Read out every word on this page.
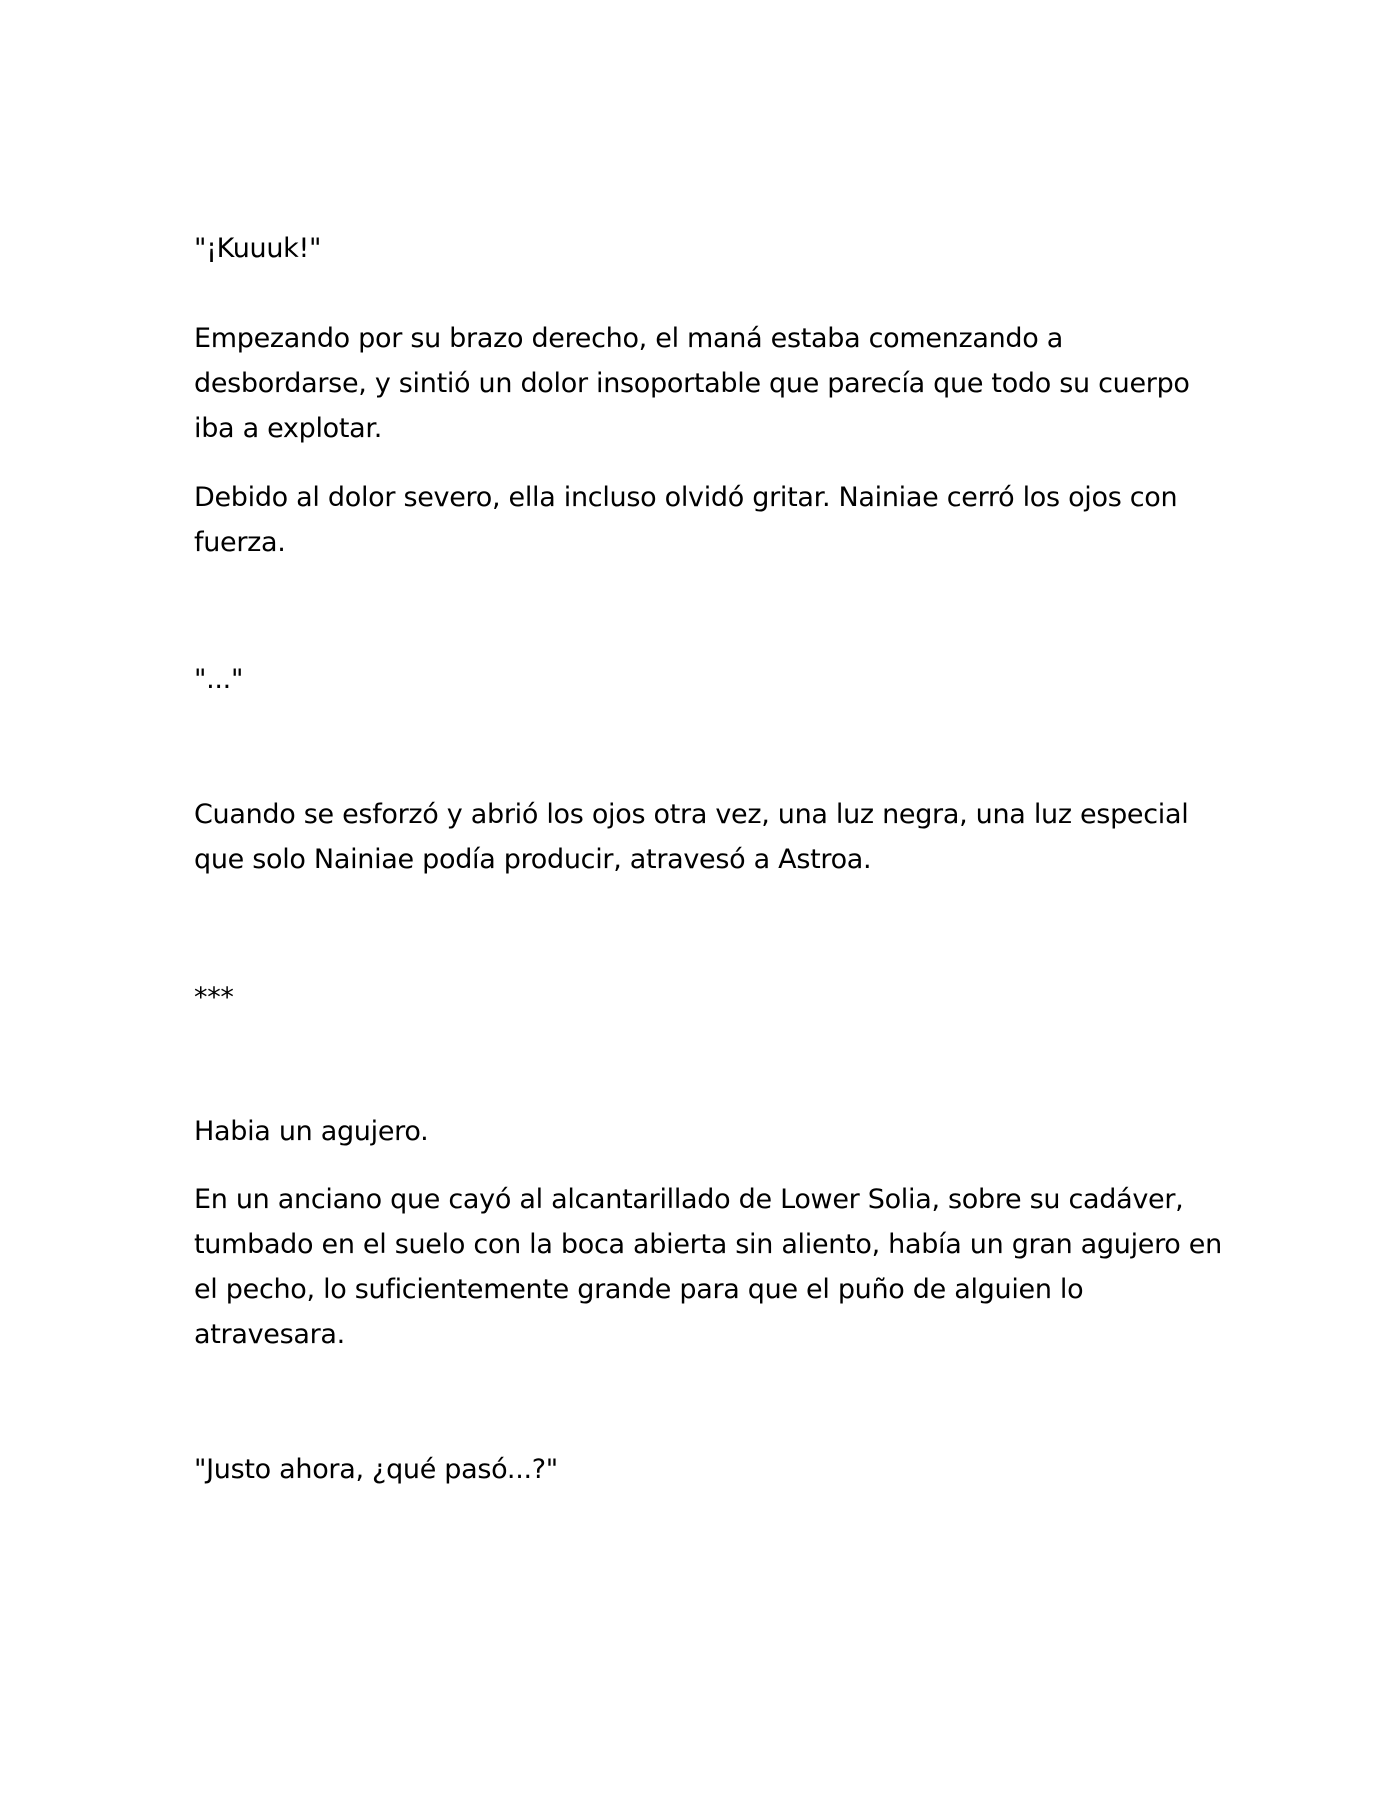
"¡Kuuuk!"

Empezando por su brazo derecho, el maná estaba comenzando a desbordarse, y sintió un dolor insoportable que parecía que todo su cuerpo iba a explotar.

Debido al dolor severo, ella incluso olvidó gritar. Nainiae cerró los ojos con fuerza.

"..."

Cuando se esforzó y abrió los ojos otra vez, una luz negra, una luz especial que solo Nainiae podía producir, atravesó a Astroa.

***

Habia un agujero.

En un anciano que cayó al alcantarillado de Lower Solia, sobre su cadáver, tumbado en el suelo con la boca abierta sin aliento, había un gran agujero en el pecho, lo suficientemente grande para que el puño de alguien lo atravesara.

"Justo ahora, ¿qué pasó...?"
